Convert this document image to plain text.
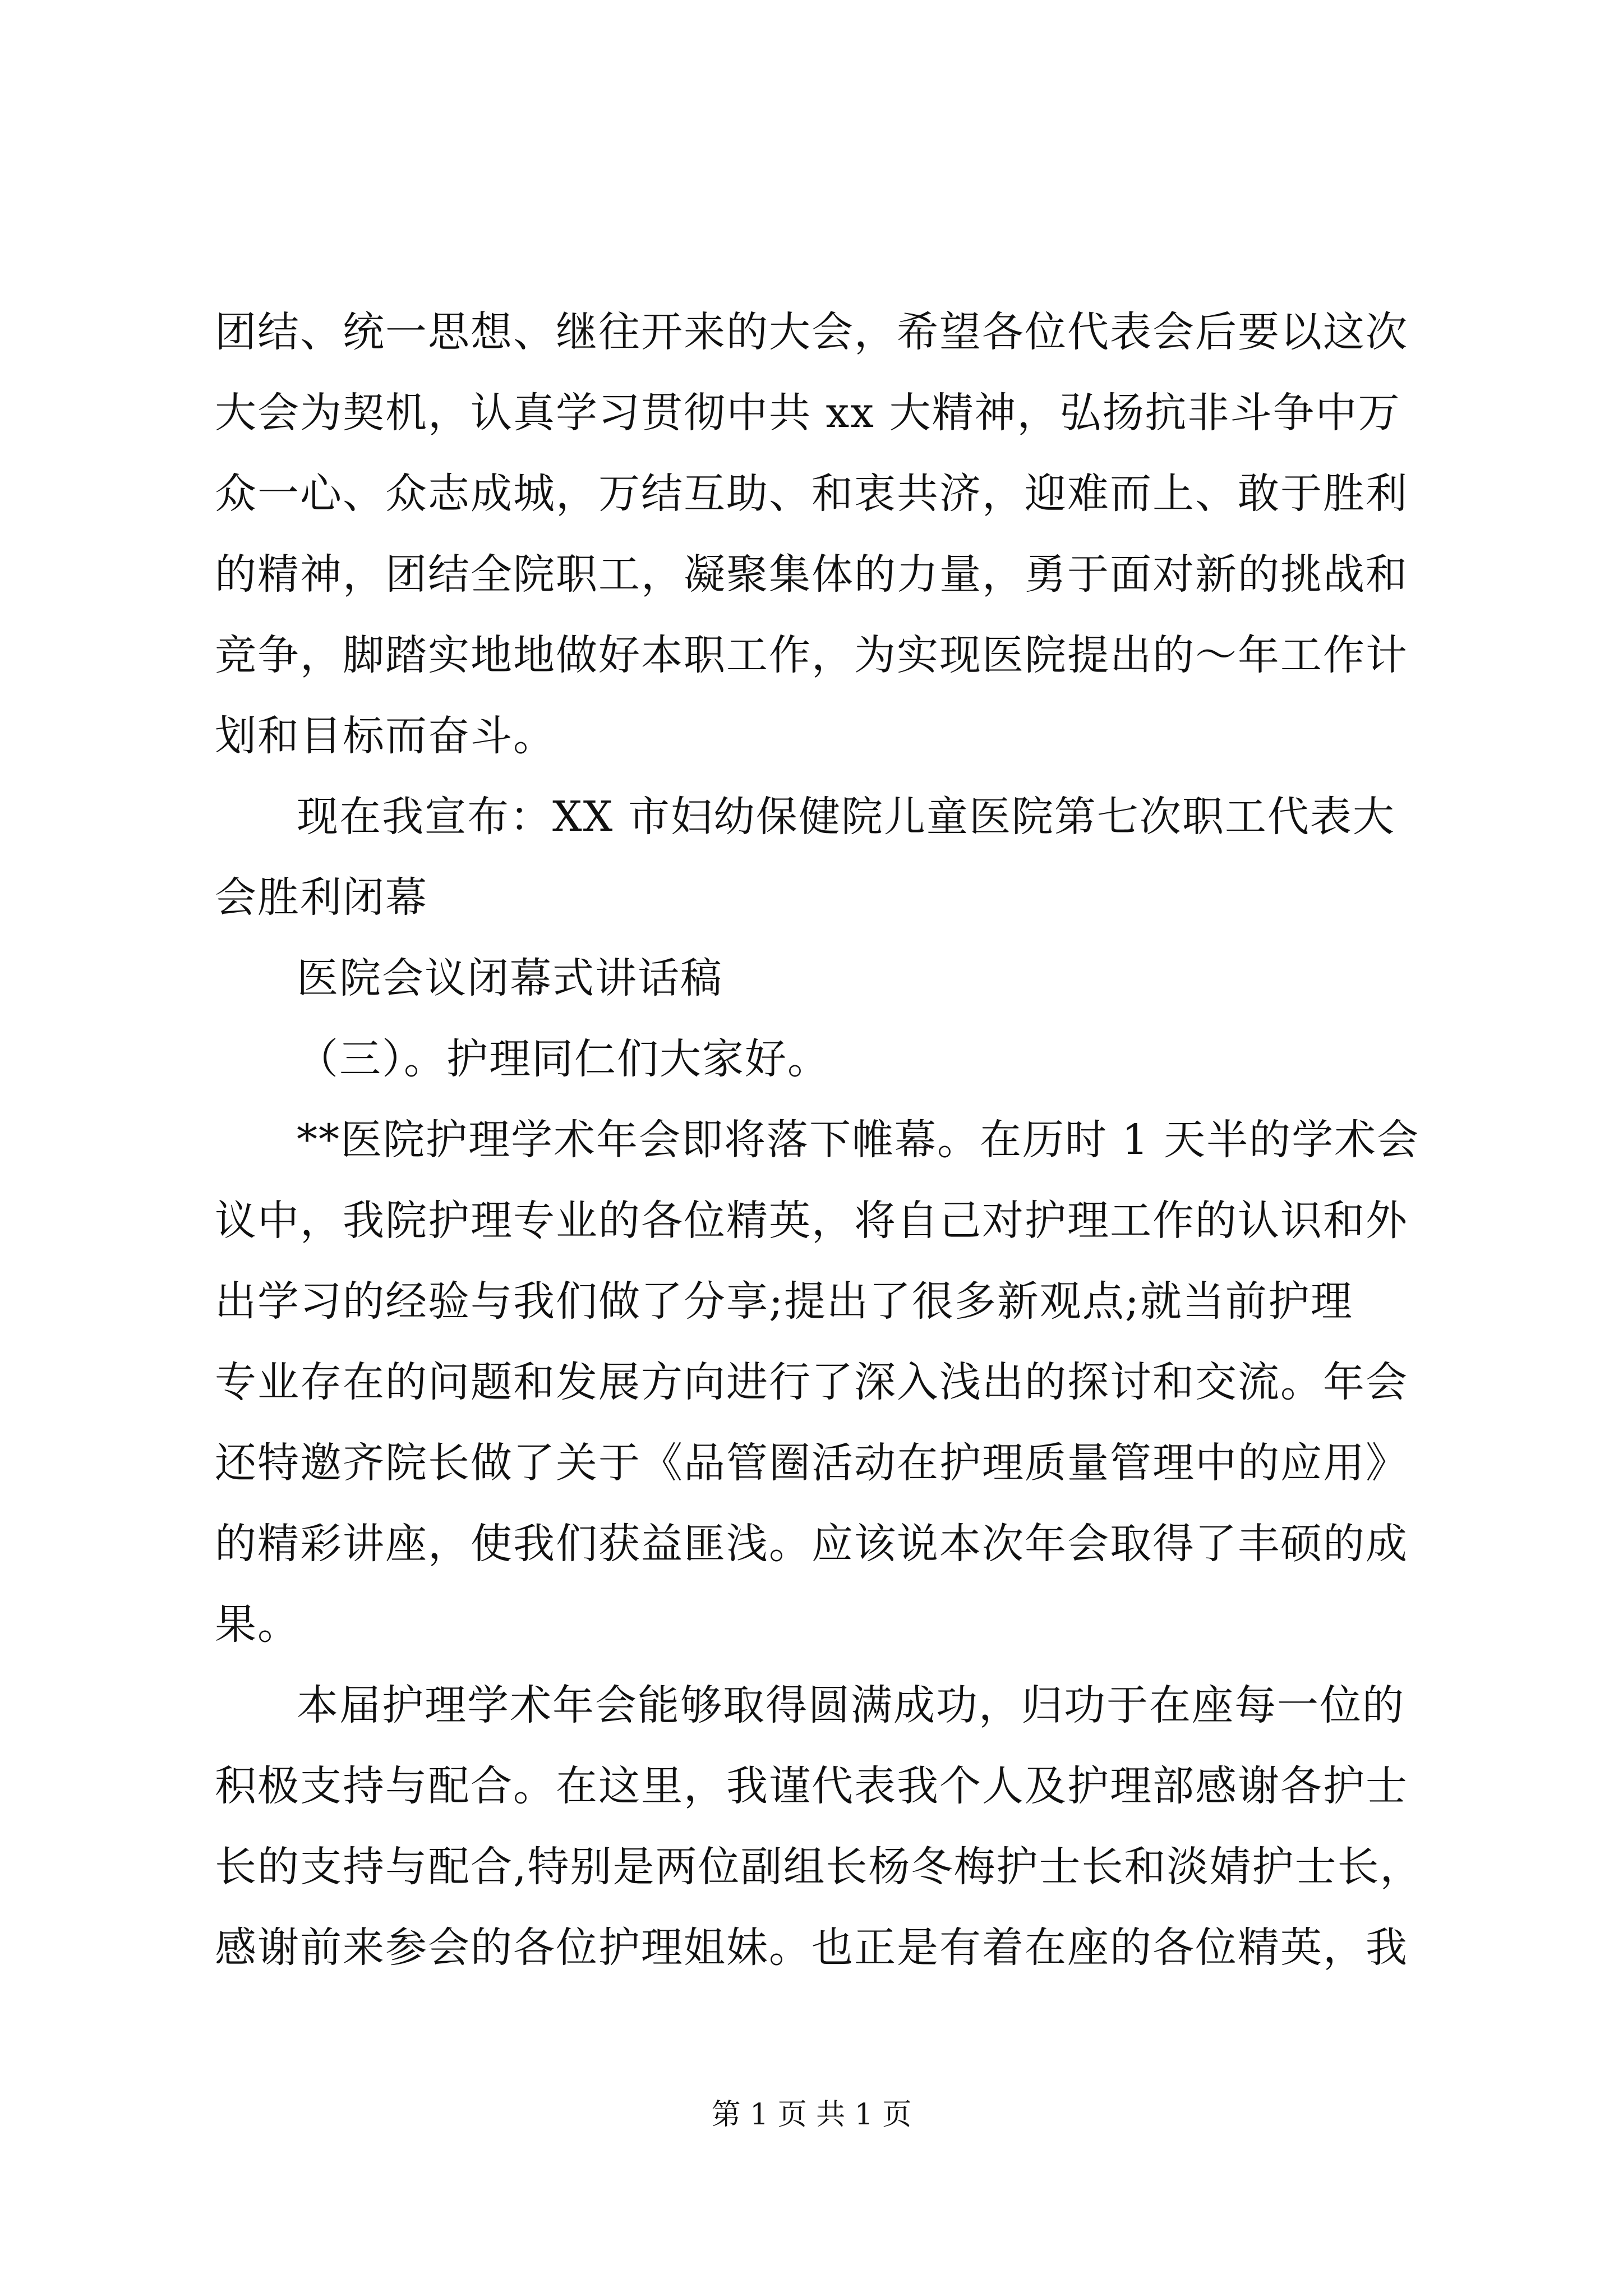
团结、统一思想、继往开来的大会，希望各位代表会后要以这次
大会为契机，认真学习贯彻中共 xx 大精神，弘扬抗非斗争中万
众一心、众志成城，万结互助、和衷共济，迎难而上、敢于胜利
的精神，团结全院职工，凝聚集体的力量，勇于面对新的挑战和
竞争，脚踏实地地做好本职工作，为实现医院提出的～年工作计
划和目标而奋斗。
现在我宣布：XX 市妇幼保健院儿童医院第七次职工代表大
会胜利闭幕
医院会议闭幕式讲话稿
（三）。护理同仁们大家好。
**医院护理学术年会即将落下帷幕。在历时 1 天半的学术会
议中，我院护理专业的各位精英，将自己对护理工作的认识和外
出学习的经验与我们做了分享;提出了很多新观点;就当前护理
专业存在的问题和发展方向进行了深入浅出的探讨和交流。年会
还特邀齐院长做了关于《品管圈活动在护理质量管理中的应用》
的精彩讲座，使我们获益匪浅。应该说本次年会取得了丰硕的成
果。
本届护理学术年会能够取得圆满成功，归功于在座每一位的
积极支持与配合。在这里，我谨代表我个人及护理部感谢各护士
长的支持与配合,特别是两位副组长杨冬梅护士长和淡婧护士长，
感谢前来参会的各位护理姐妹。也正是有着在座的各位精英，我
第 1 页 共 1 页
